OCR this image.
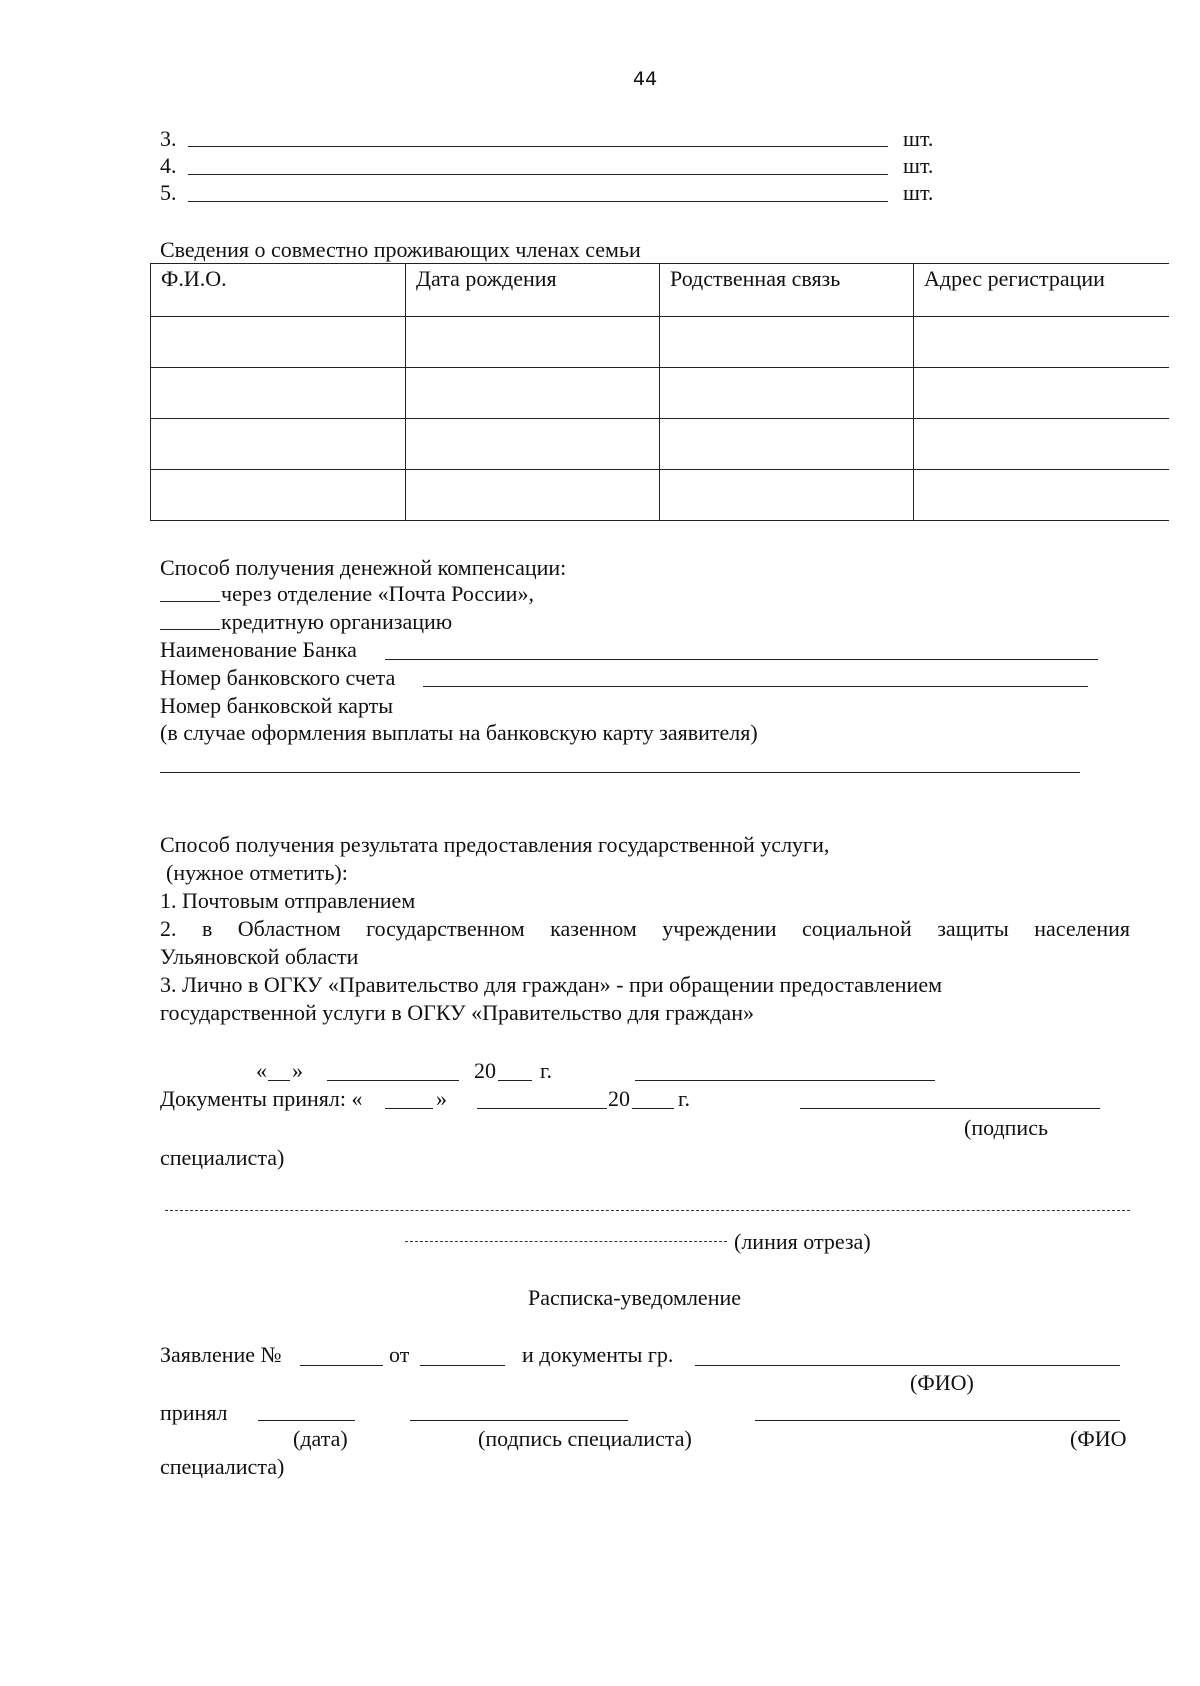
44
3.	шт.
4.	шт.
5.	шт.
Сведения о совместно проживающих членах семьи
Ф.И.О.	Дата рождения	Родственная связь	Адрес регистрации

Способ получения денежной компенсации:
через отделение «Почта России»,
кредитную организацию
Наименование Банка
Номер банковского счета
Номер банковской карты
(в случае оформления выплаты на банковскую карту заявителя)
Способ получения результата предоставления государственной услуги,
(нужное отметить):
1. Почтовым отправлением
2. в Областном государственном казенном учреждении социальной защиты населения
Ульяновской области
3. Лично в ОГКУ «Правительство для граждан» - при обращении предоставлением
государственной услуги в ОГКУ «Правительство для граждан»
« »	20 г.
Документы принял: «	»	20 г.
(подпись
специалиста)
(линия отреза)
Расписка-уведомление
Заявление №	от	и документы гр.
(ФИО)
принял
(дата)	(подпись специалиста)	(ФИО
специалиста)
